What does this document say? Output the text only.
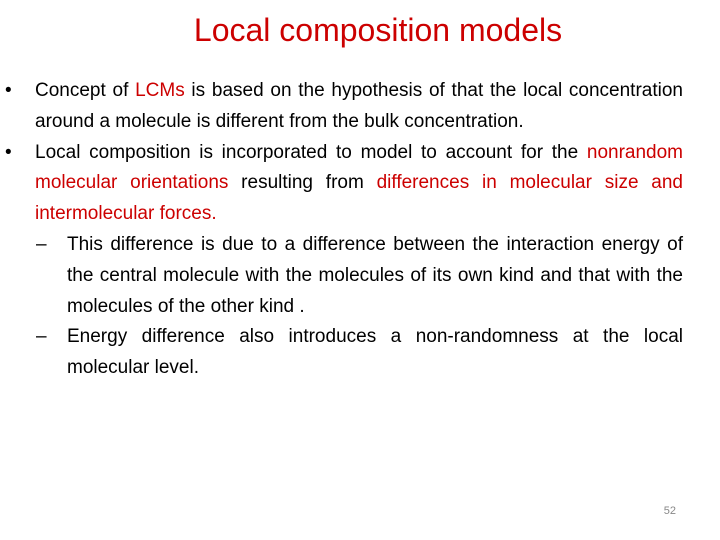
Local composition models
• Concept of LCMs is based on the hypothesis of that the local concentration around a molecule is different from the bulk concentration.
• Local composition is incorporated to model to account for the nonrandom molecular orientations resulting from differences in molecular size and intermolecular forces.
– This difference is due to a difference between the interaction energy of the central molecule with the molecules of its own kind and that with the molecules of the other kind .
– Energy difference also introduces a non-randomness at the local molecular level.
52
